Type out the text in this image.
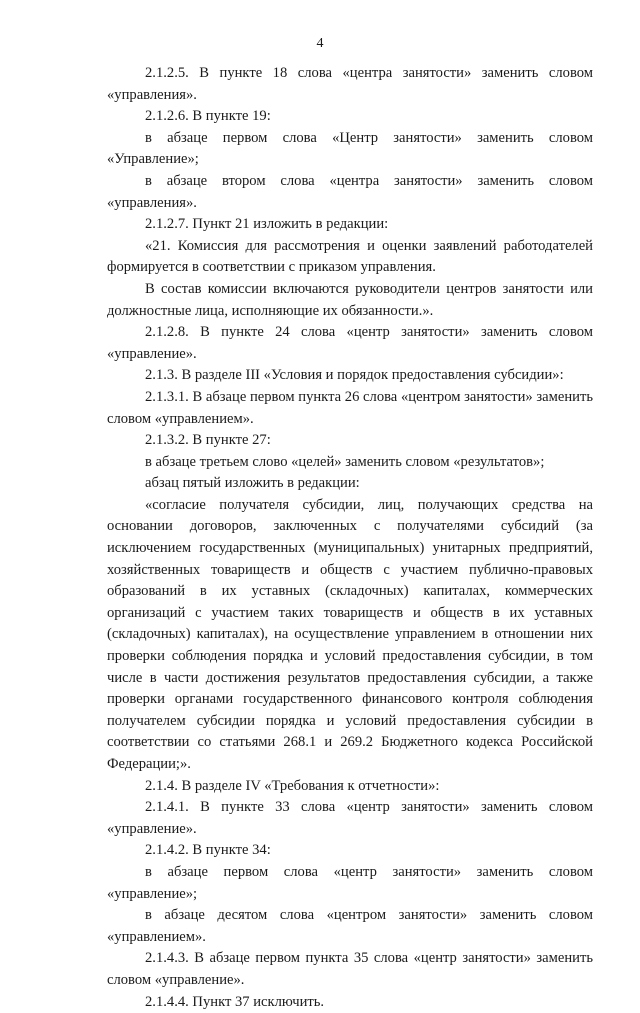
4

2.1.2.5. В пункте 18 слова «центра занятости» заменить словом «управления».

2.1.2.6. В пункте 19:

в абзаце первом слова «Центр занятости» заменить словом «Управление»;

в абзаце втором слова «центра занятости» заменить словом «управления».

2.1.2.7. Пункт 21 изложить в редакции:

«21. Комиссия для рассмотрения и оценки заявлений работодателей формируется в соответствии с приказом управления.

В состав комиссии включаются руководители центров занятости или должностные лица, исполняющие их обязанности.».

2.1.2.8. В пункте 24 слова «центр занятости» заменить словом «управление».

2.1.3. В разделе III «Условия и порядок предоставления субсидии»:

2.1.3.1. В абзаце первом пункта 26 слова «центром занятости» заменить словом «управлением».

2.1.3.2. В пункте 27:

в абзаце третьем слово «целей» заменить словом «результатов»;

абзац пятый изложить в редакции:

«согласие получателя субсидии, лиц, получающих средства на основании договоров, заключенных с получателями субсидий (за исключением государственных (муниципальных) унитарных предприятий, хозяйственных товариществ и обществ с участием публично-правовых образований в их уставных (складочных) капиталах, коммерческих организаций с участием таких товариществ и обществ в их уставных (складочных) капиталах), на осуществление управлением в отношении них проверки соблюдения порядка и условий предоставления субсидии, в том числе в части достижения результатов предоставления субсидии, а также проверки органами государственного финансового контроля соблюдения получателем субсидии порядка и условий предоставления субсидии в соответствии со статьями 268.1 и 269.2 Бюджетного кодекса Российской Федерации;».

2.1.4. В разделе IV «Требования к отчетности»:

2.1.4.1. В пункте 33 слова «центр занятости» заменить словом «управление».

2.1.4.2. В пункте 34:

в абзаце первом слова «центр занятости» заменить словом «управление»;

в абзаце десятом слова «центром занятости» заменить словом «управлением».

2.1.4.3. В абзаце первом пункта 35 слова «центр занятости» заменить словом «управление».

2.1.4.4. Пункт 37 исключить.
